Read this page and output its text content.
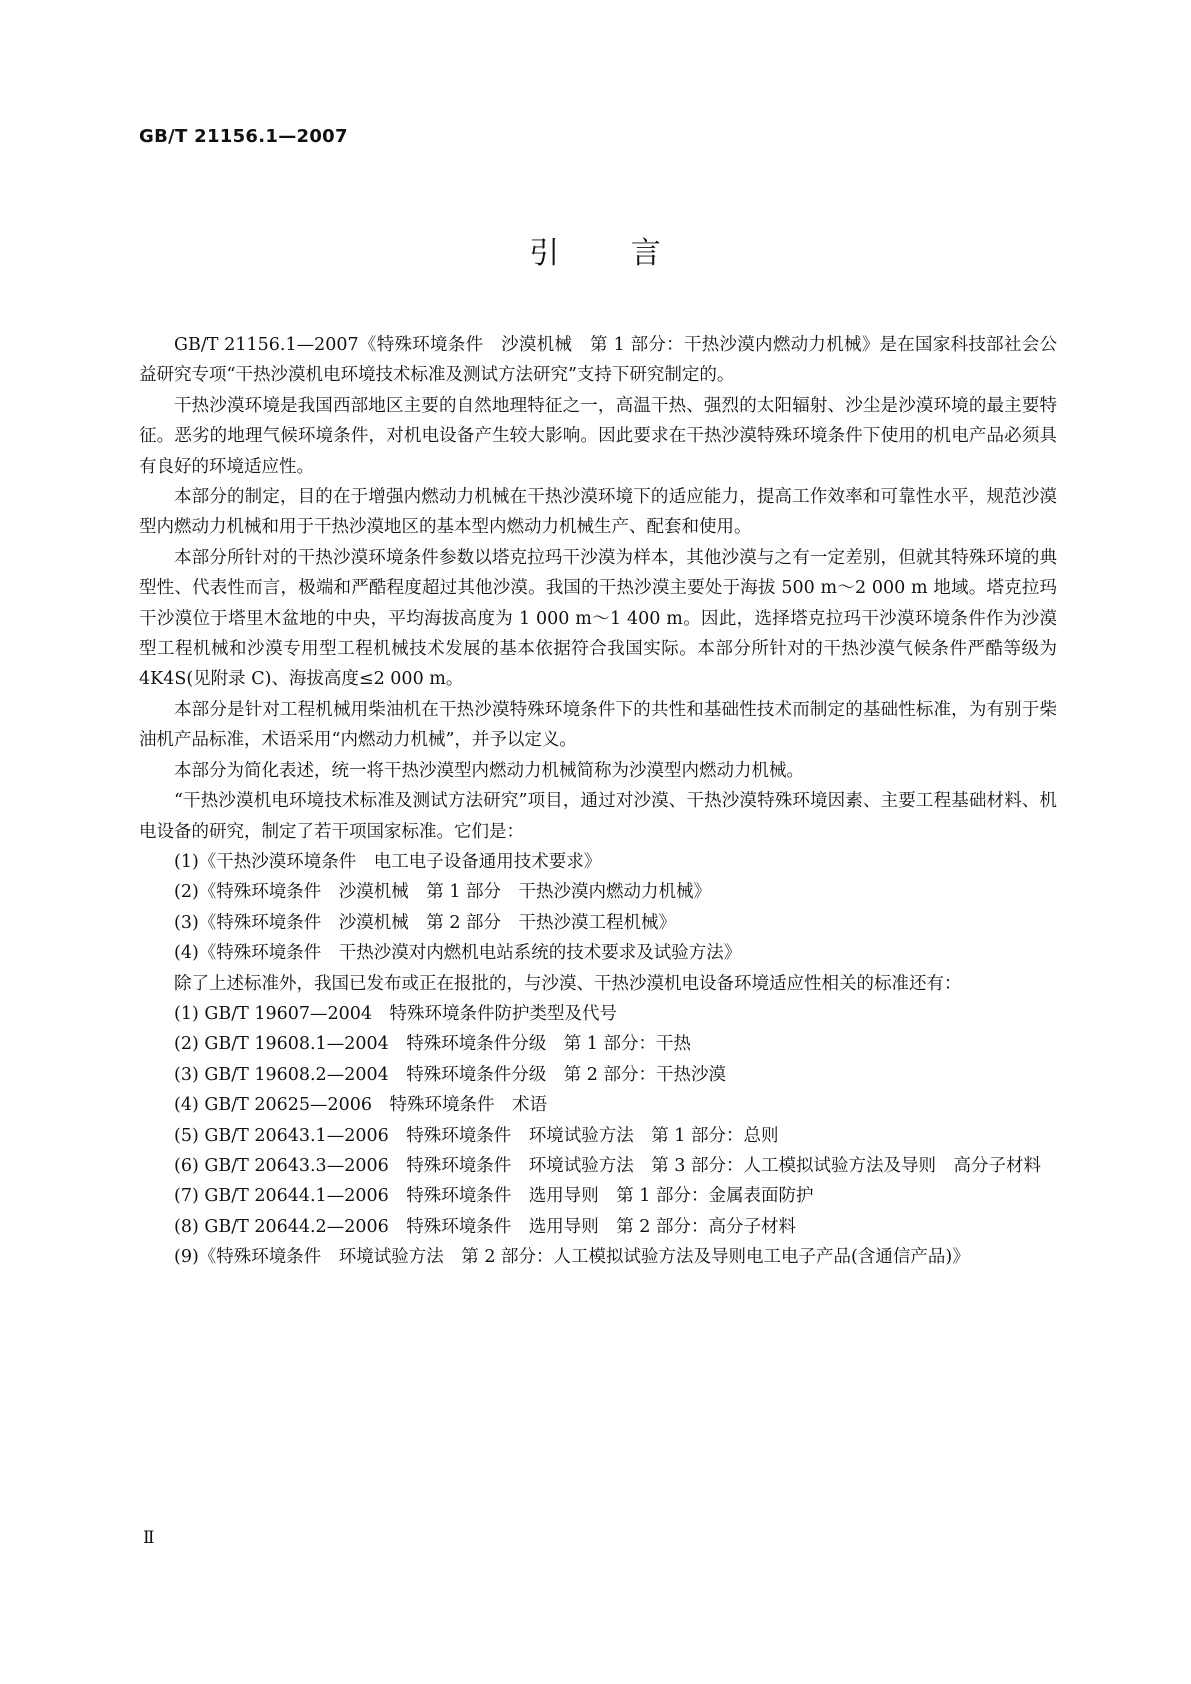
GB/T 21156.1—2007
引 言

GB/T 21156.1—2007《特殊环境条件　沙漠机械　第 1 部分：干热沙漠内燃动力机械》是在国家科技部社会公益研究专项“干热沙漠机电环境技术标准及测试方法研究”支持下研究制定的。

干热沙漠环境是我国西部地区主要的自然地理特征之一，高温干热、强烈的太阳辐射、沙尘是沙漠环境的最主要特征。恶劣的地理气候环境条件，对机电设备产生较大影响。因此要求在干热沙漠特殊环境条件下使用的机电产品必须具有良好的环境适应性。

本部分的制定，目的在于增强内燃动力机械在干热沙漠环境下的适应能力，提高工作效率和可靠性水平，规范沙漠型内燃动力机械和用于干热沙漠地区的基本型内燃动力机械生产、配套和使用。

本部分所针对的干热沙漠环境条件参数以塔克拉玛干沙漠为样本，其他沙漠与之有一定差别，但就其特殊环境的典型性、代表性而言，极端和严酷程度超过其他沙漠。我国的干热沙漠主要处于海拔 500 m～2 000 m 地域。塔克拉玛干沙漠位于塔里木盆地的中央，平均海拔高度为 1 000 m～1 400 m。因此，选择塔克拉玛干沙漠环境条件作为沙漠型工程机械和沙漠专用型工程机械技术发展的基本依据符合我国实际。本部分所针对的干热沙漠气候条件严酷等级为 4K4S(见附录 C)、海拔高度≤2 000 m。

本部分是针对工程机械用柴油机在干热沙漠特殊环境条件下的共性和基础性技术而制定的基础性标准，为有别于柴油机产品标准，术语采用“内燃动力机械”，并予以定义。

本部分为简化表述，统一将干热沙漠型内燃动力机械简称为沙漠型内燃动力机械。

“干热沙漠机电环境技术标准及测试方法研究”项目，通过对沙漠、干热沙漠特殊环境因素、主要工程基础材料、机电设备的研究，制定了若干项国家标准。它们是：

(1)《干热沙漠环境条件　电工电子设备通用技术要求》
(2)《特殊环境条件　沙漠机械　第 1 部分　干热沙漠内燃动力机械》
(3)《特殊环境条件　沙漠机械　第 2 部分　干热沙漠工程机械》
(4)《特殊环境条件　干热沙漠对内燃机电站系统的技术要求及试验方法》

除了上述标准外，我国已发布或正在报批的，与沙漠、干热沙漠机电设备环境适应性相关的标准还有：

(1) GB/T 19607—2004　特殊环境条件防护类型及代号
(2) GB/T 19608.1—2004　特殊环境条件分级　第 1 部分：干热
(3) GB/T 19608.2—2004　特殊环境条件分级　第 2 部分：干热沙漠
(4) GB/T 20625—2006　特殊环境条件　术语
(5) GB/T 20643.1—2006　特殊环境条件　环境试验方法　第 1 部分：总则
(6) GB/T 20643.3—2006　特殊环境条件　环境试验方法　第 3 部分：人工模拟试验方法及导则　高分子材料
(7) GB/T 20644.1—2006　特殊环境条件　选用导则　第 1 部分：金属表面防护
(8) GB/T 20644.2—2006　特殊环境条件　选用导则　第 2 部分：高分子材料
(9)《特殊环境条件　环境试验方法　第 2 部分：人工模拟试验方法及导则电工电子产品(含通信产品)》
Ⅱ
